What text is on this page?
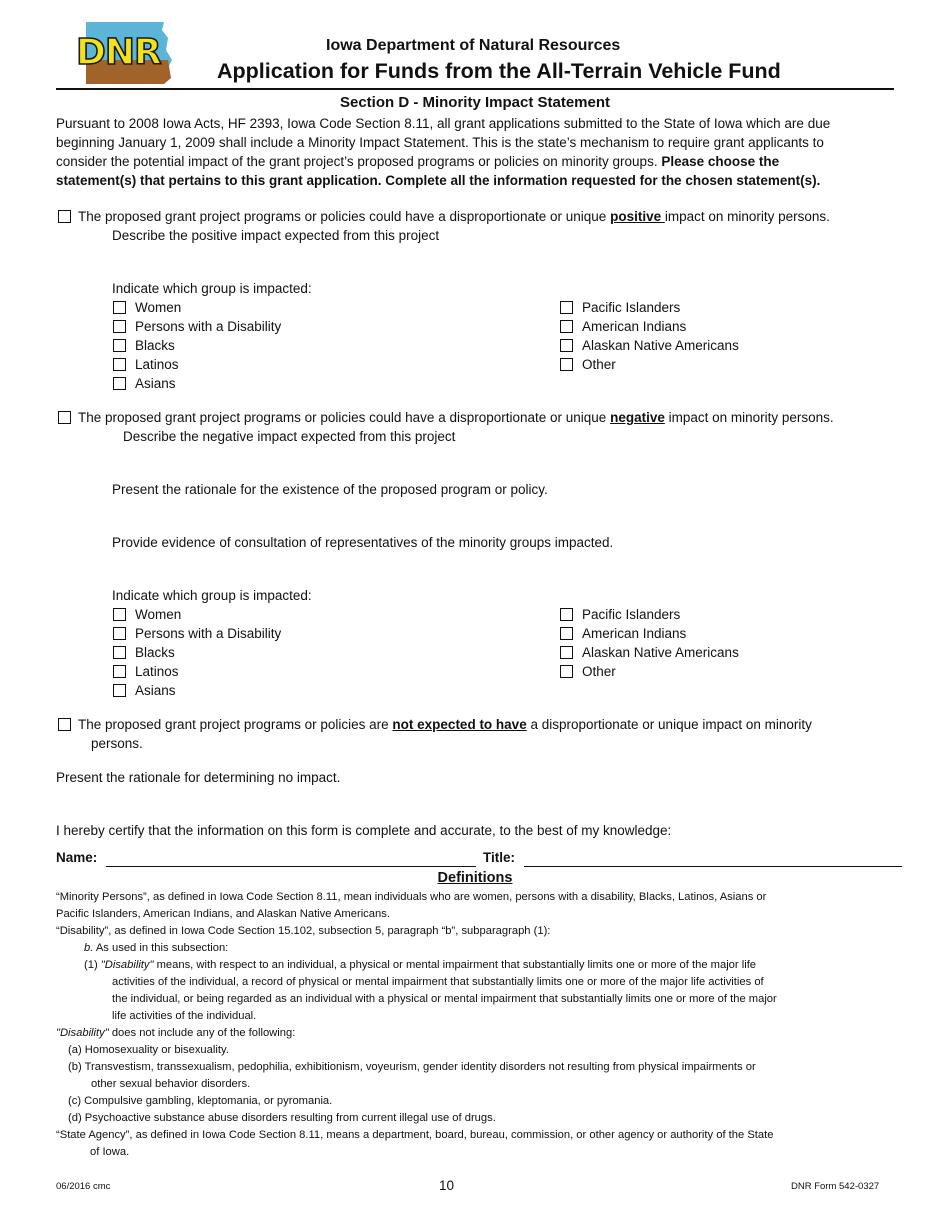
DNR	Iowa Department of Natural Resources
Application for Funds from the All-Terrain Vehicle Fund
Section D - Minority Impact Statement
Pursuant to 2008 Iowa Acts, HF 2393, Iowa Code Section 8.11, all grant applications submitted to the State of Iowa which are due
beginning January 1, 2009 shall include a Minority Impact Statement. This is the state’s mechanism to require grant applicants to
consider the potential impact of the grant project’s proposed programs or policies on minority groups. Please choose the
statement(s) that pertains to this grant application. Complete all the information requested for the chosen statement(s).
The proposed grant project programs or policies could have a disproportionate or unique positive impact on minority persons.
Describe the positive impact expected from this project
Indicate which group is impacted:
Women
Persons with a Disability
Blacks
Latinos
Asians
Pacific Islanders
American Indians
Alaskan Native Americans
Other
The proposed grant project programs or policies could have a disproportionate or unique negative impact on minority persons.
Describe the negative impact expected from this project
Present the rationale for the existence of the proposed program or policy.
Provide evidence of consultation of representatives of the minority groups impacted.
Indicate which group is impacted:
Women
Persons with a Disability
Blacks
Latinos
Asians
Pacific Islanders
American Indians
Alaskan Native Americans
Other
The proposed grant project programs or policies are not expected to have a disproportionate or unique impact on minority
persons.
Present the rationale for determining no impact.
I hereby certify that the information on this form is complete and accurate, to the best of my knowledge:
Name:	Title:
Definitions
“Minority Persons”, as defined in Iowa Code Section 8.11, mean individuals who are women, persons with a disability, Blacks, Latinos, Asians or
Pacific Islanders, American Indians, and Alaskan Native Americans.
“Disability”, as defined in Iowa Code Section 15.102, subsection 5, paragraph “b”, subparagraph (1):
b. As used in this subsection:
(1) "Disability" means, with respect to an individual, a physical or mental impairment that substantially limits one or more of the major life
activities of the individual, a record of physical or mental impairment that substantially limits one or more of the major life activities of
the individual, or being regarded as an individual with a physical or mental impairment that substantially limits one or more of the major
life activities of the individual.
"Disability" does not include any of the following:
(a) Homosexuality or bisexuality.
(b) Transvestism, transsexualism, pedophilia, exhibitionism, voyeurism, gender identity disorders not resulting from physical impairments or
other sexual behavior disorders.
(c) Compulsive gambling, kleptomania, or pyromania.
(d) Psychoactive substance abuse disorders resulting from current illegal use of drugs.
“State Agency”, as defined in Iowa Code Section 8.11, means a department, board, bureau, commission, or other agency or authority of the State
of Iowa.
06/2016 cmc	10	DNR Form 542-0327
